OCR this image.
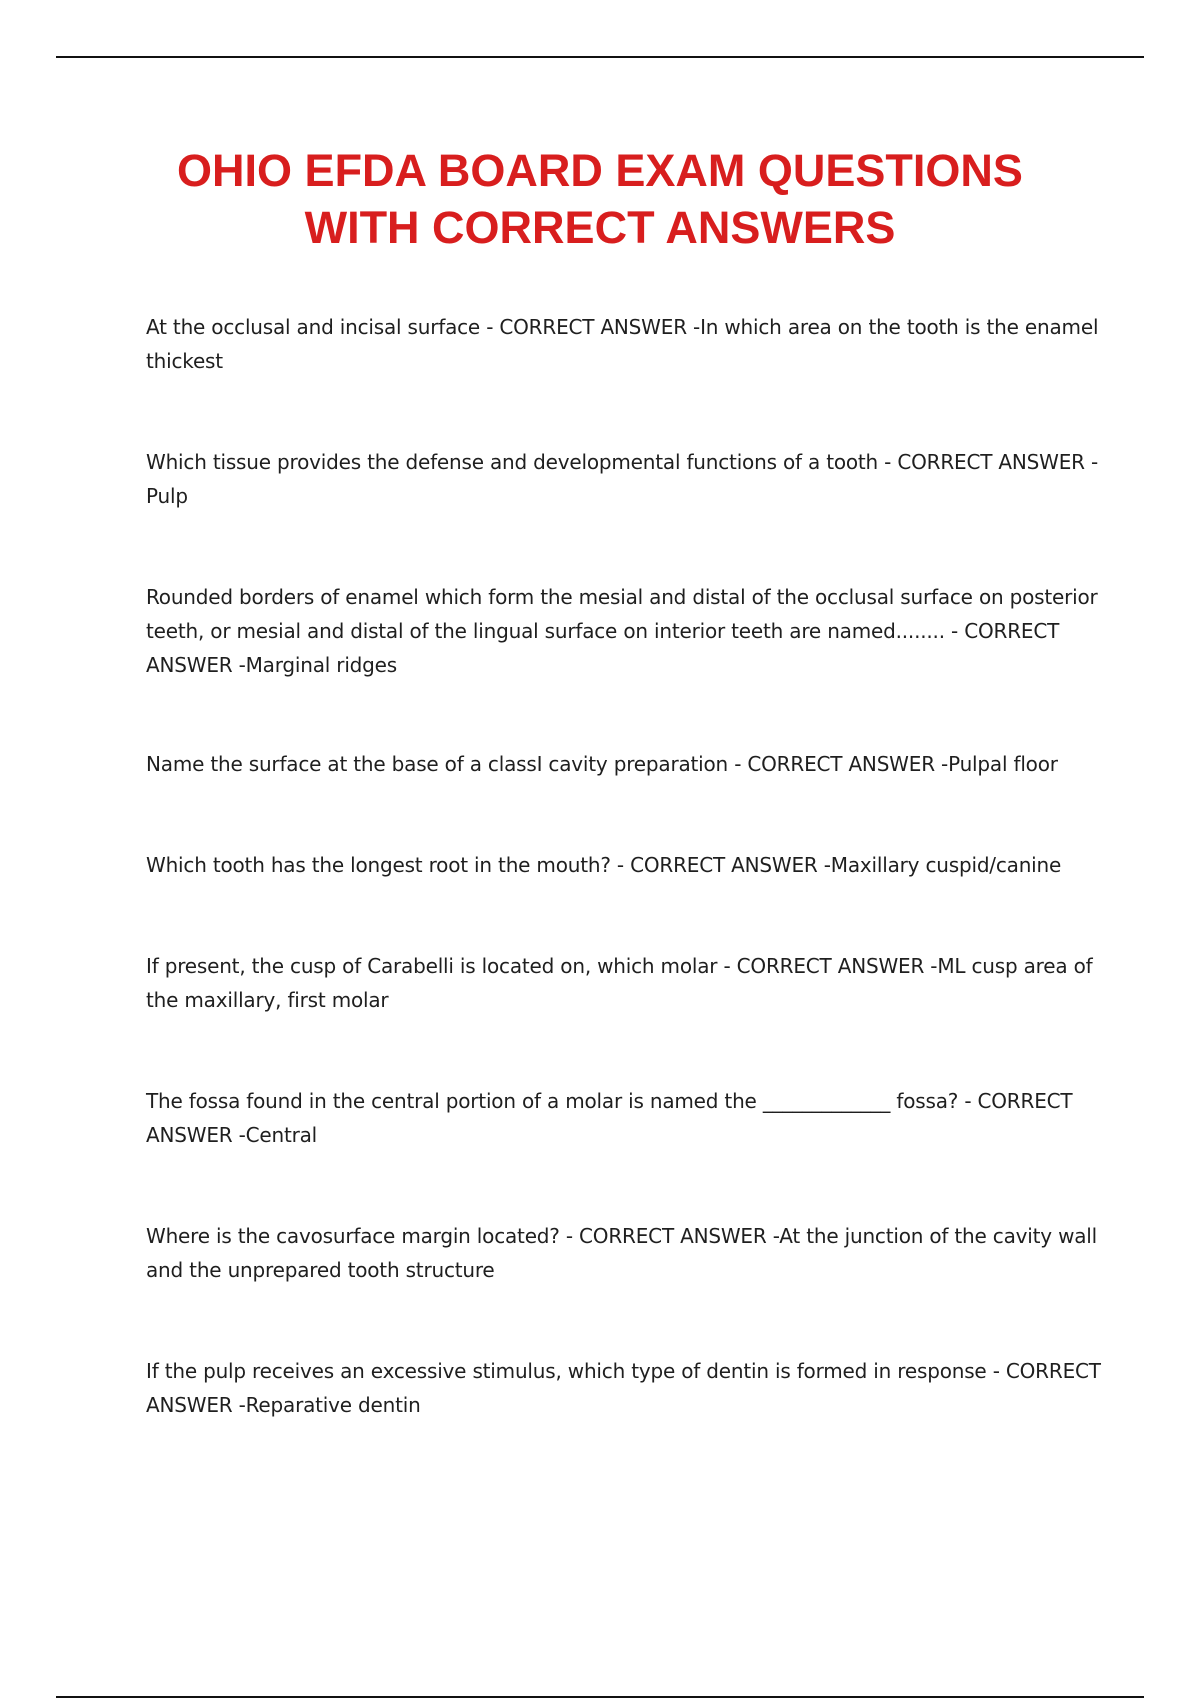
OHIO EFDA BOARD EXAM QUESTIONS
WITH CORRECT ANSWERS

At the occlusal and incisal surface - CORRECT ANSWER -In which area on the tooth is the enamel thickest

Which tissue provides the defense and developmental functions of a tooth - CORRECT ANSWER -Pulp

Rounded borders of enamel which form the mesial and distal of the occlusal surface on posterior teeth, or mesial and distal of the lingual surface on interior teeth are named........ - CORRECT ANSWER -Marginal ridges

Name the surface at the base of a classI cavity preparation - CORRECT ANSWER -Pulpal floor

Which tooth has the longest root in the mouth? - CORRECT ANSWER -Maxillary cuspid/canine

If present, the cusp of Carabelli is located on, which molar - CORRECT ANSWER -ML cusp area of the maxillary, first molar

The fossa found in the central portion of a molar is named the _____________ fossa? - CORRECT ANSWER -Central

Where is the cavosurface margin located? - CORRECT ANSWER -At the junction of the cavity wall and the unprepared tooth structure

If the pulp receives an excessive stimulus, which type of dentin is formed in response - CORRECT ANSWER -Reparative dentin
